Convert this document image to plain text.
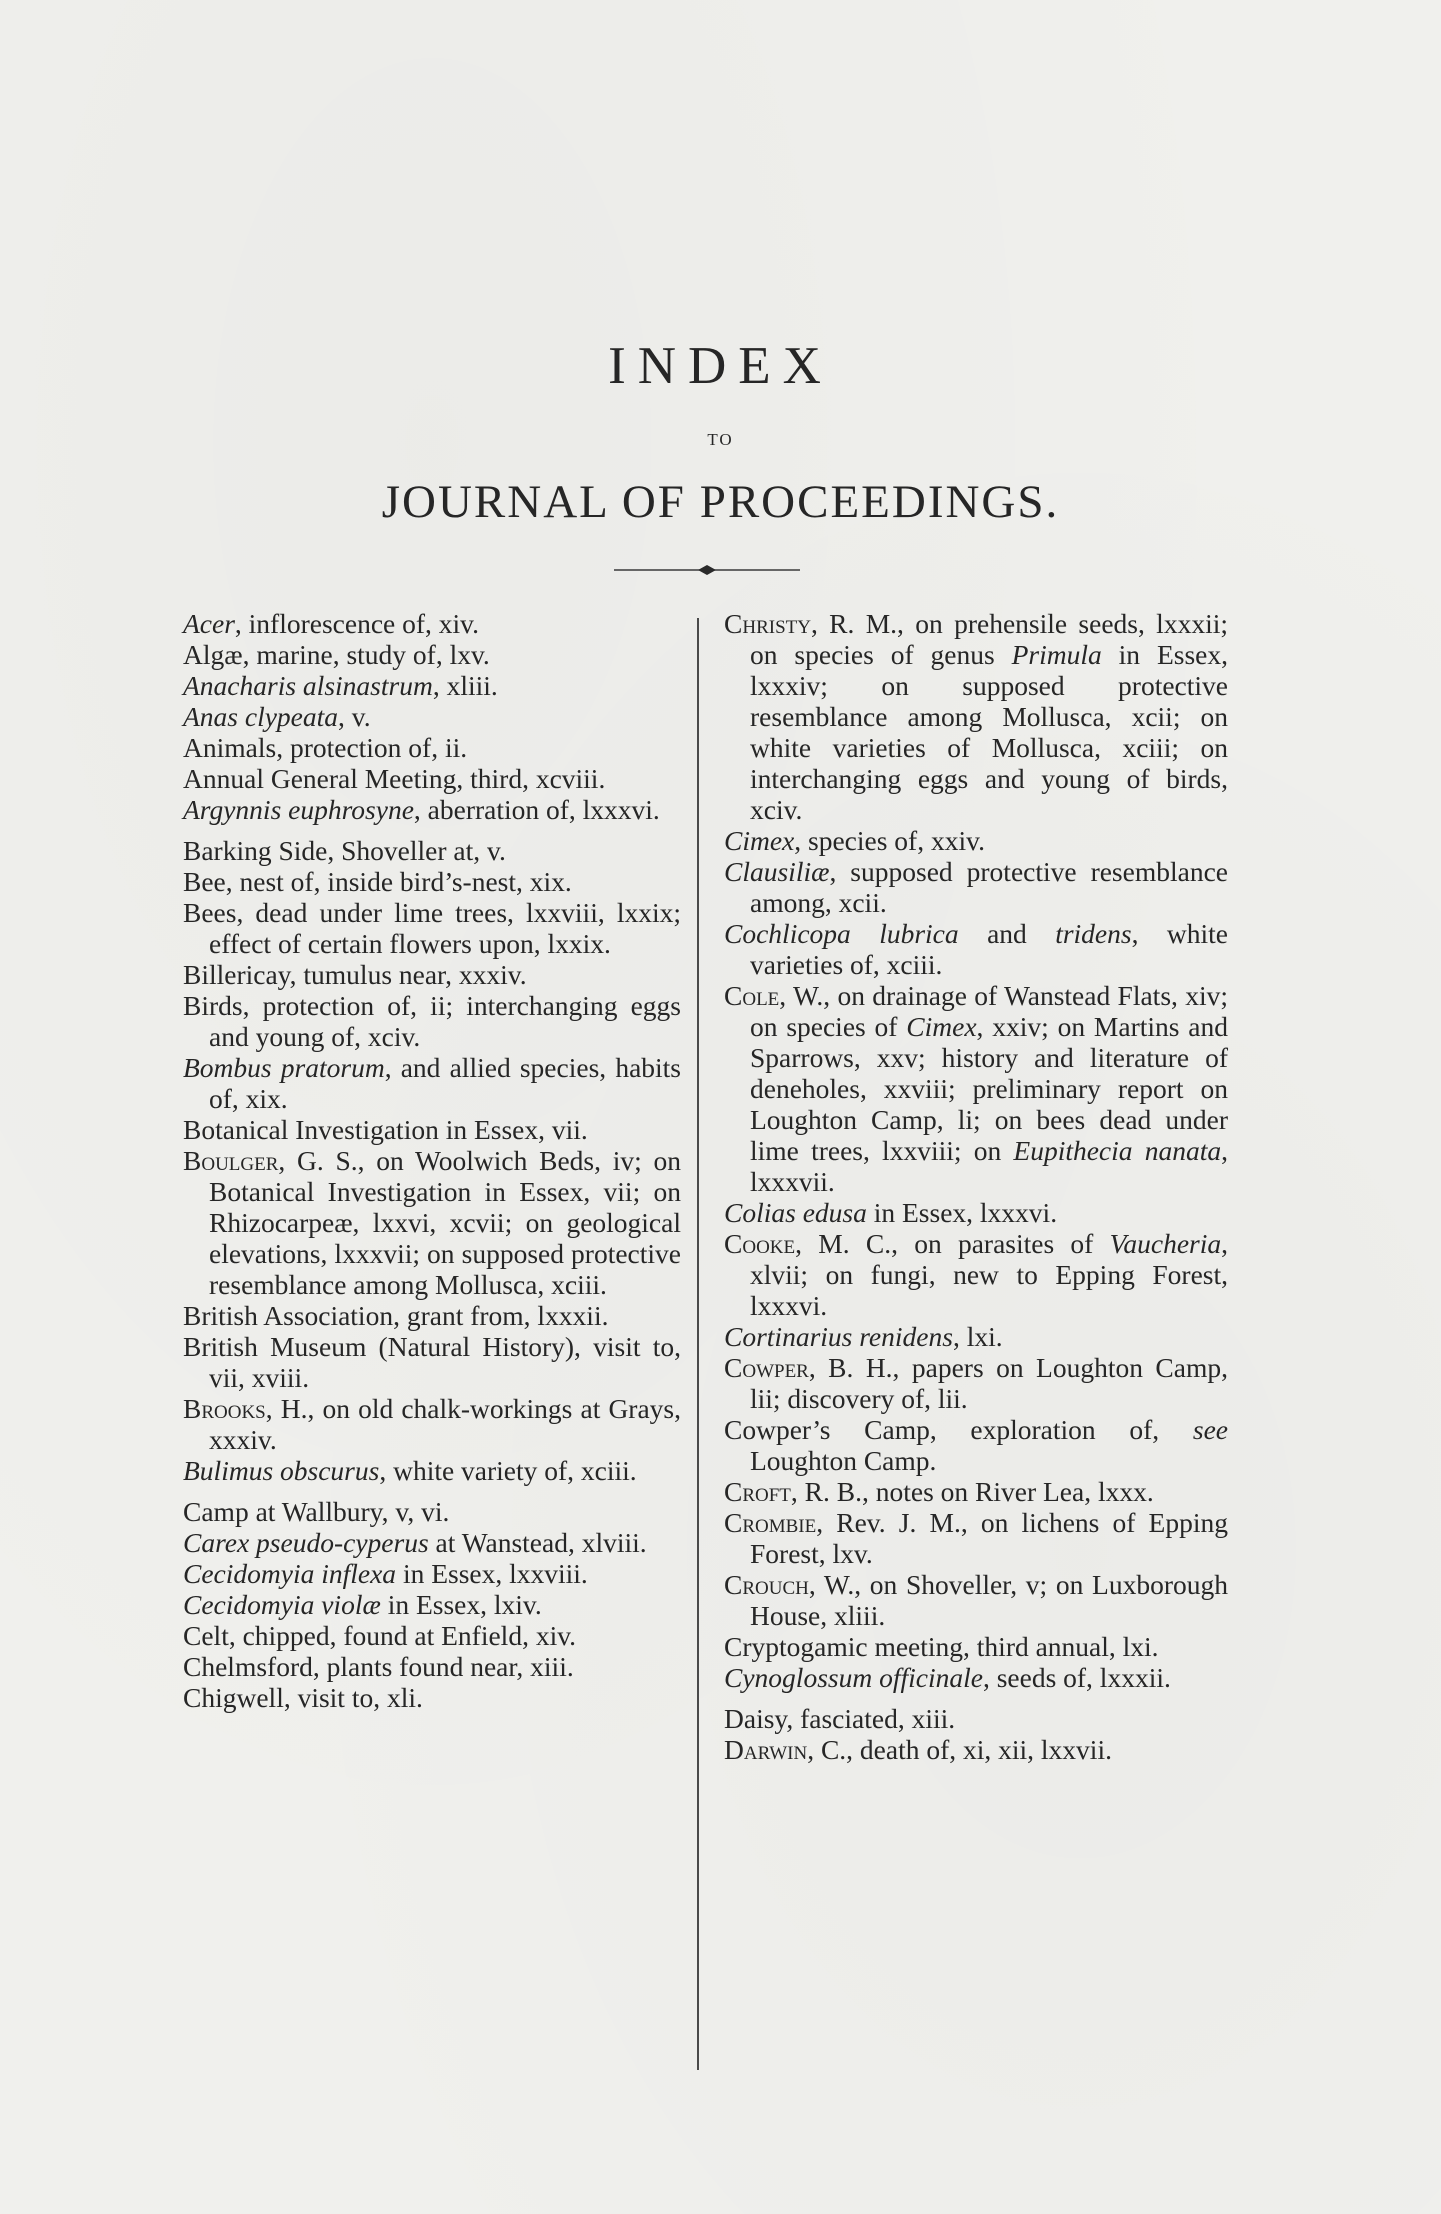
INDEX
TO
JOURNAL OF PROCEEDINGS.

Acer, inflorescence of, xiv.

Algæ, marine, study of, lxv.

Anacharis alsinastrum, xliii.

Anas clypeata, v.

Animals, protection of, ii.

Annual General Meeting, third, xcviii.

Argynnis euphrosyne, aberration of, lxxxvi.

Barking Side, Shoveller at, v.

Bee, nest of, inside bird’s-nest, xix.

Bees, dead under lime trees, lxxviii, lxxix; effect of certain flowers upon, lxxix.

Billericay, tumulus near, xxxiv.

Birds, protection of, ii; interchanging eggs and young of, xciv.

Bombus pratorum, and allied species, habits of, xix.

Botanical Investigation in Essex, vii.

Boulger, G. S., on Woolwich Beds, iv; on Botanical Investigation in Essex, vii; on Rhizocarpeæ, lxxvi, xcvii; on geological elevations, lxxxvii; on supposed protective resemblance among Mollusca, xciii.

British Association, grant from, lxxxii.

British Museum (Natural History), visit to, vii, xviii.

Brooks, H., on old chalk-workings at Grays, xxxiv.

Bulimus obscurus, white variety of, xciii.

Camp at Wallbury, v, vi.

Carex pseudo-cyperus at Wanstead, xlviii.

Cecidomyia inflexa in Essex, lxxviii.

Cecidomyia violæ in Essex, lxiv.

Celt, chipped, found at Enfield, xiv.

Chelmsford, plants found near, xiii.

Chigwell, visit to, xli.

Christy, R. M., on prehensile seeds, lxxxii; on species of genus Primula in Essex, lxxxiv; on supposed protective resemblance among Mollusca, xcii; on white varieties of Mollusca, xciii; on interchanging eggs and young of birds, xciv.

Cimex, species of, xxiv.

Clausiliæ, supposed protective resemblance among, xcii.

Cochlicopa lubrica and tridens, white varieties of, xciii.

Cole, W., on drainage of Wanstead Flats, xiv; on species of Cimex, xxiv; on Martins and Sparrows, xxv; history and literature of deneholes, xxviii; preliminary report on Loughton Camp, li; on bees dead under lime trees, lxxviii; on Eupithecia nanata, lxxxvii.

Colias edusa in Essex, lxxxvi.

Cooke, M. C., on parasites of Vaucheria, xlvii; on fungi, new to Epping Forest, lxxxvi.

Cortinarius renidens, lxi.

Cowper, B. H., papers on Loughton Camp, lii; discovery of, lii.

Cowper’s Camp, exploration of, see Loughton Camp.

Croft, R. B., notes on River Lea, lxxx.

Crombie, Rev. J. M., on lichens of Epping Forest, lxv.

Crouch, W., on Shoveller, v; on Luxborough House, xliii.

Cryptogamic meeting, third annual, lxi.

Cynoglossum officinale, seeds of, lxxxii.

Daisy, fasciated, xiii.

Darwin, C., death of, xi, xii, lxxvii.
